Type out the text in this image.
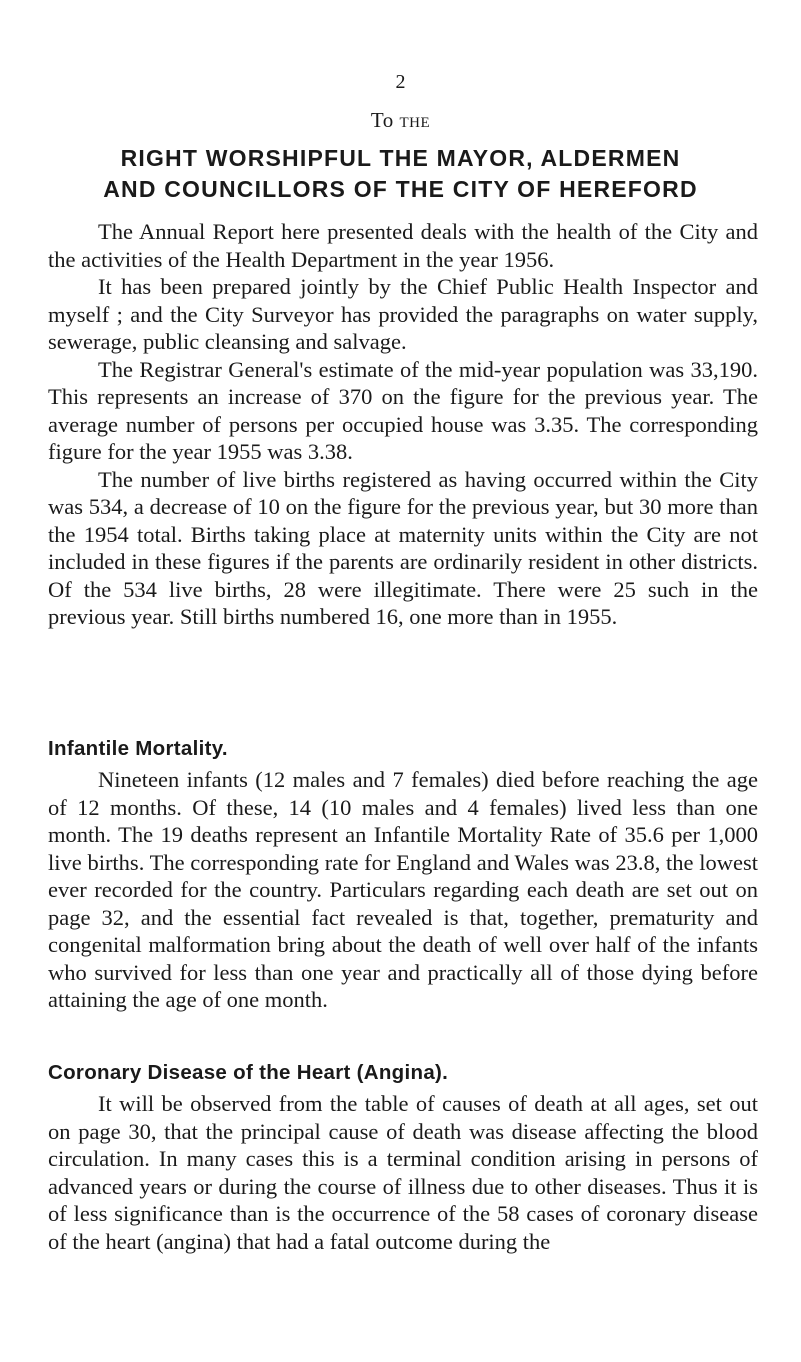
2
To the
RIGHT WORSHIPFUL THE MAYOR, ALDERMEN
AND COUNCILLORS OF THE CITY OF HEREFORD

The Annual Report here presented deals with the health of the City and the activities of the Health Department in the year 1956.

It has been prepared jointly by the Chief Public Health Inspector and myself ; and the City Surveyor has provided the paragraphs on water supply, sewerage, public cleansing and salvage.

The Registrar General's estimate of the mid-year population was 33,190. This represents an increase of 370 on the figure for the previous year. The average number of persons per occupied house was 3.35. The corresponding figure for the year 1955 was 3.38.

The number of live births registered as having occurred within the City was 534, a decrease of 10 on the figure for the previous year, but 30 more than the 1954 total. Births taking place at maternity units within the City are not included in these figures if the parents are ordinarily resident in other districts. Of the 534 live births, 28 were illegitimate. There were 25 such in the previous year. Still births numbered 16, one more than in 1955.

Infantile Mortality.

Nineteen infants (12 males and 7 females) died before reaching the age of 12 months. Of these, 14 (10 males and 4 females) lived less than one month. The 19 deaths represent an Infantile Mortality Rate of 35.6 per 1,000 live births. The corresponding rate for England and Wales was 23.8, the lowest ever recorded for the country. Particulars regarding each death are set out on page 32, and the essential fact revealed is that, together, prematurity and congenital malformation bring about the death of well over half of the infants who survived for less than one year and practically all of those dying before attaining the age of one month.

Coronary Disease of the Heart (Angina).

It will be observed from the table of causes of death at all ages, set out on page 30, that the principal cause of death was disease affecting the blood circulation. In many cases this is a terminal condition arising in persons of advanced years or during the course of illness due to other diseases. Thus it is of less significance than is the occurrence of the 58 cases of coronary disease of the heart (angina) that had a fatal outcome during the
